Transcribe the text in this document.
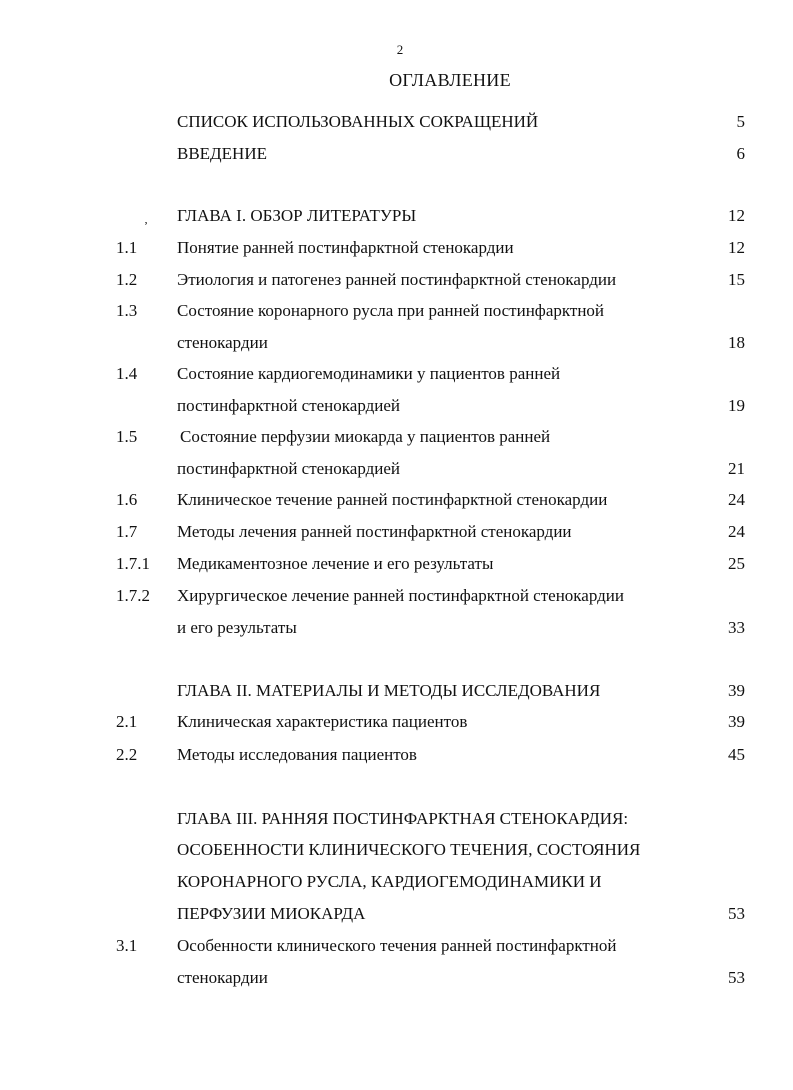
2
ОГЛАВЛЕНИЕ
‚
СПИСОК ИСПОЛЬЗОВАННЫХ СОКРАЩЕНИЙ	5
ВВЕДЕНИЕ	6
ГЛАВА I. ОБЗОР ЛИТЕРАТУРЫ	12
1.1 Понятие ранней постинфарктной стенокардии	12
1.2 Этиология и патогенез ранней постинфарктной стенокардии	15
1.3 Состояние коронарного русла при ранней постинфарктной
стенокардии	18
1.4 Состояние кардиогемодинамики у пациентов ранней
постинфарктной стенокардией	19
1.5	Состояние перфузии миокарда у пациентов ранней
постинфарктной стенокардией	21
1.6 Клиническое течение ранней постинфарктной стенокардии	24
1.7 Методы лечения ранней постинфарктной стенокардии	24
1.7.1 Медикаментозное лечение и его результаты	25
1.7.2 Хирургическое лечение ранней постинфарктной стенокардии
и его результаты	33
ГЛАВА II. МАТЕРИАЛЫ И МЕТОДЫ ИССЛЕДОВАНИЯ	39
2.1 Клиническая характеристика пациентов	39
2.2 Методы исследования пациентов	45
ГЛАВА III. РАННЯЯ ПОСТИНФАРКТНАЯ СТЕНОКАРДИЯ:
ОСОБЕННОСТИ КЛИНИЧЕСКОГО ТЕЧЕНИЯ, СОСТОЯНИЯ
КОРОНАРНОГО РУСЛА, КАРДИОГЕМОДИНАМИКИ И
ПЕРФУЗИИ МИОКАРДА	53
3.1 Особенности клинического течения ранней постинфарктной
стенокардии	53
